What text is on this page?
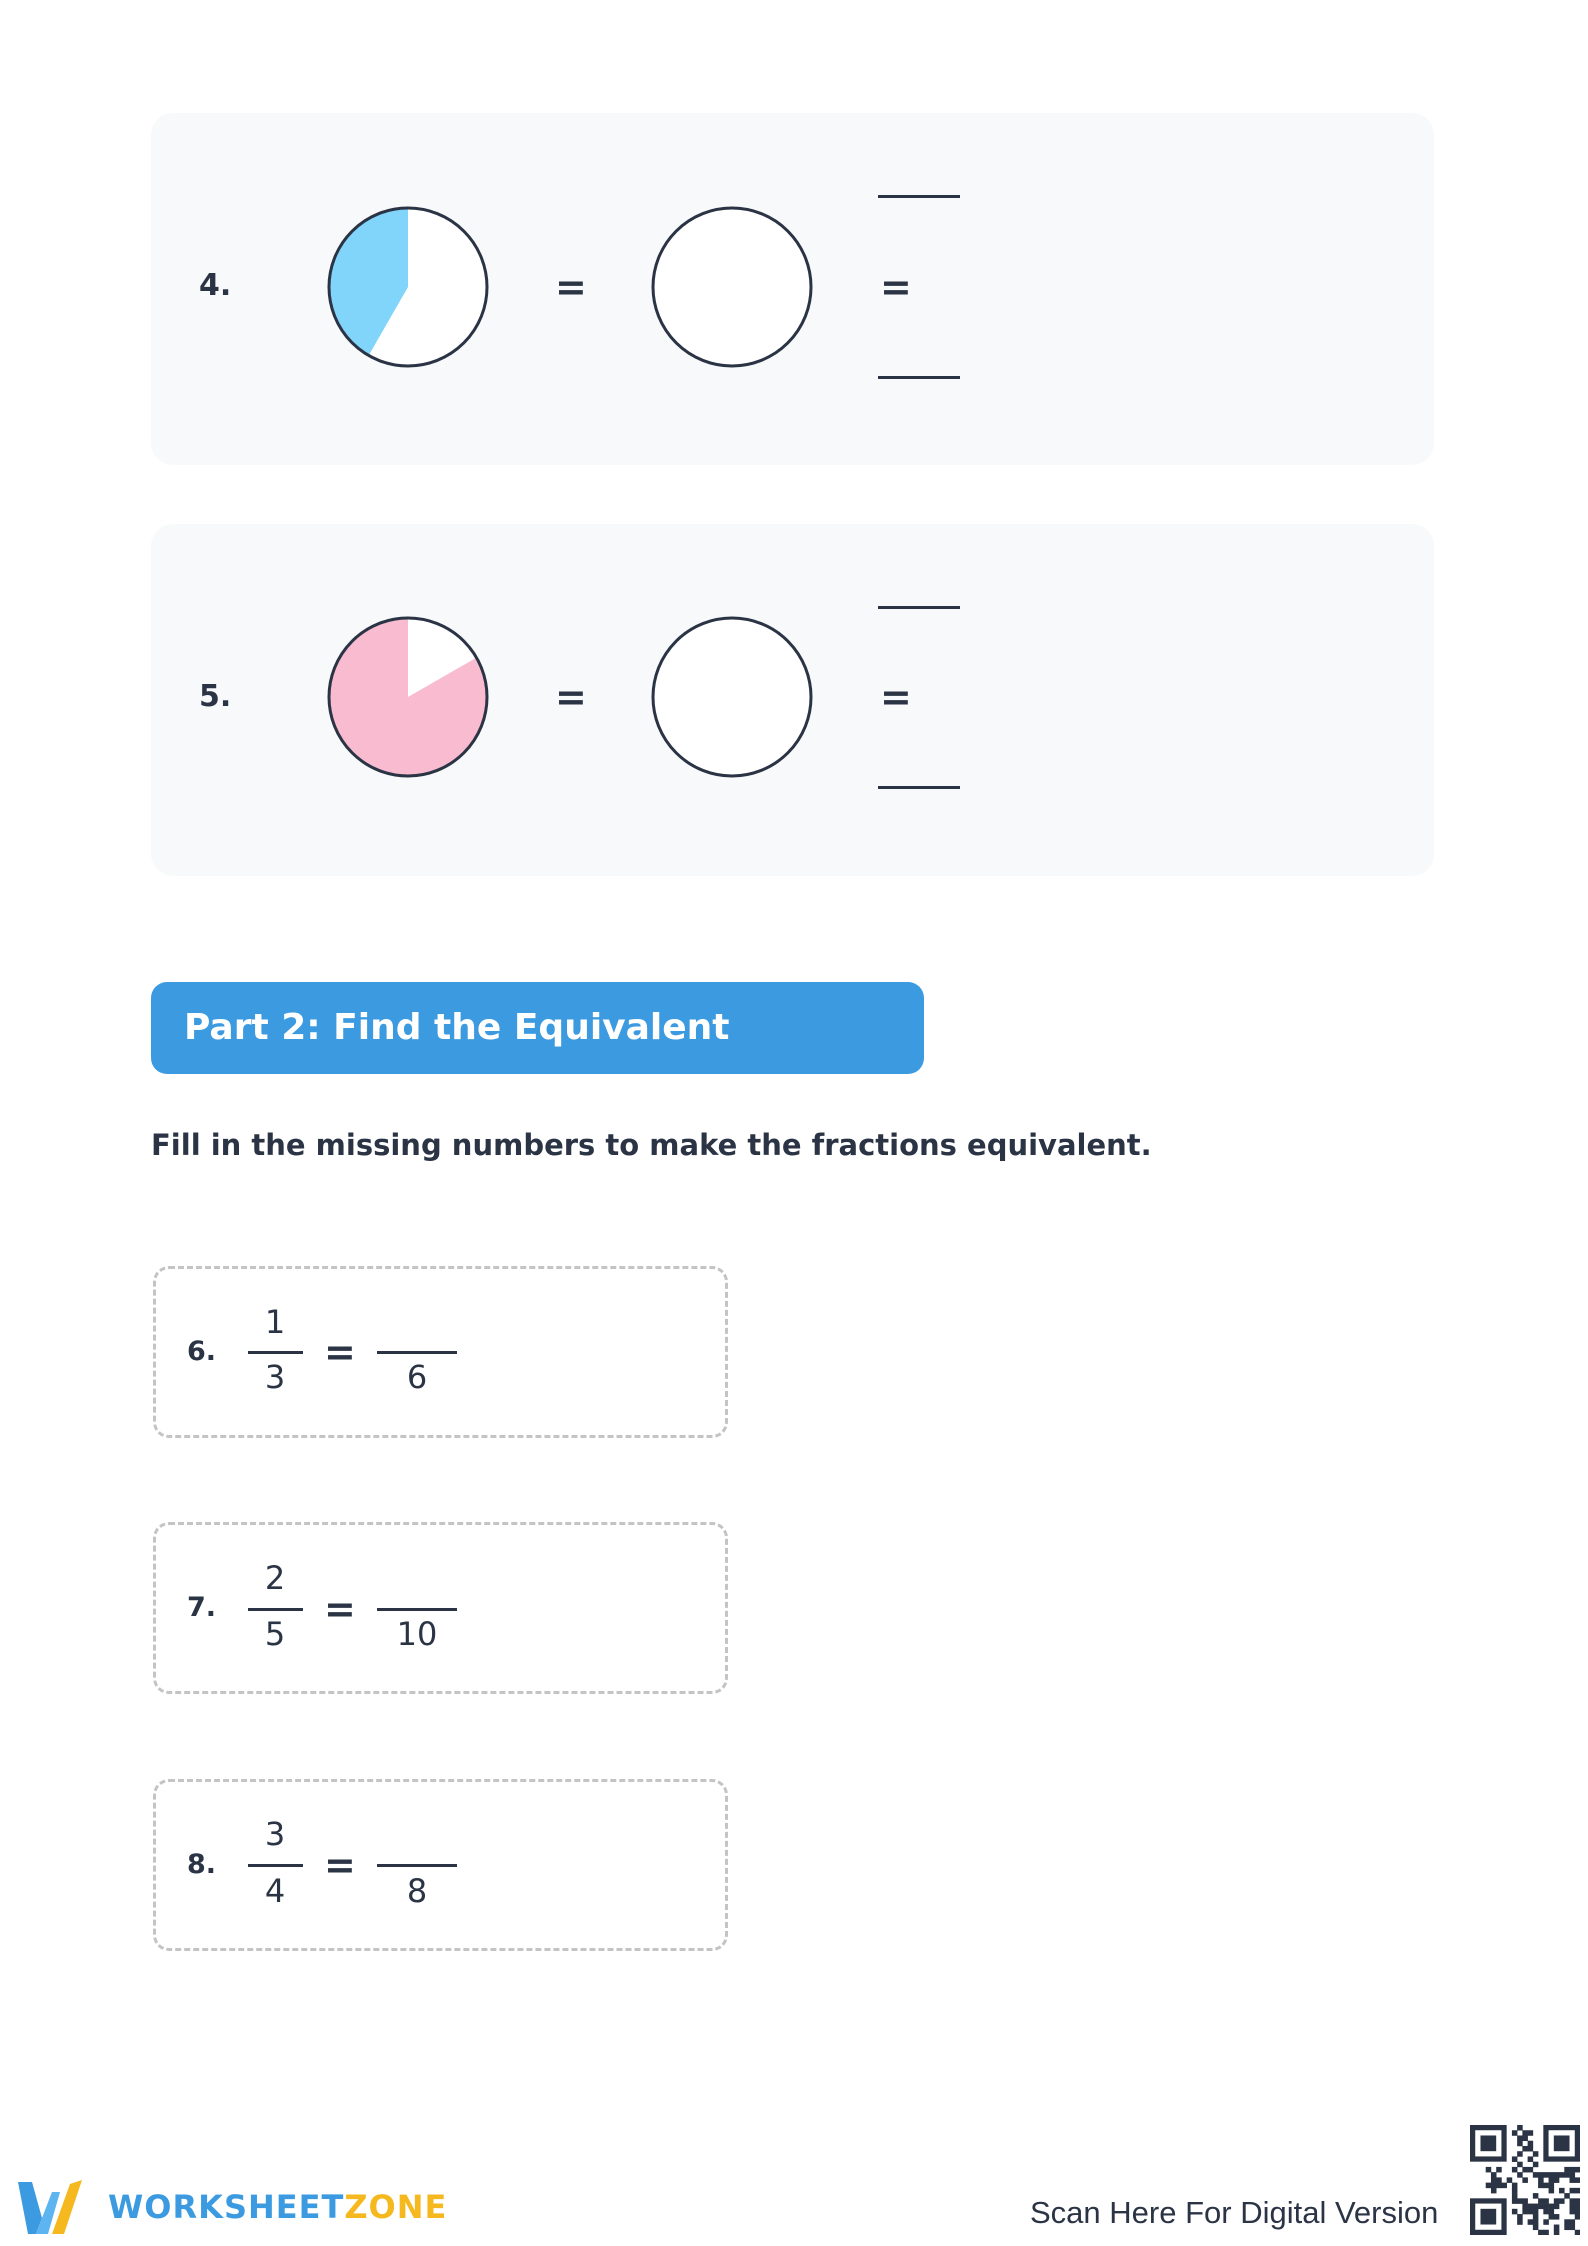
4.	=	=
5.	=	=
Part 2: Find the Equivalent Fractions
Fill in the missing numbers to make the fractions equivalent.
6.
1
3
=
6
7.
2
5
=
10
8.
3
4
=
8
WORKSHEETZONE	Scan Here For Digital Version
